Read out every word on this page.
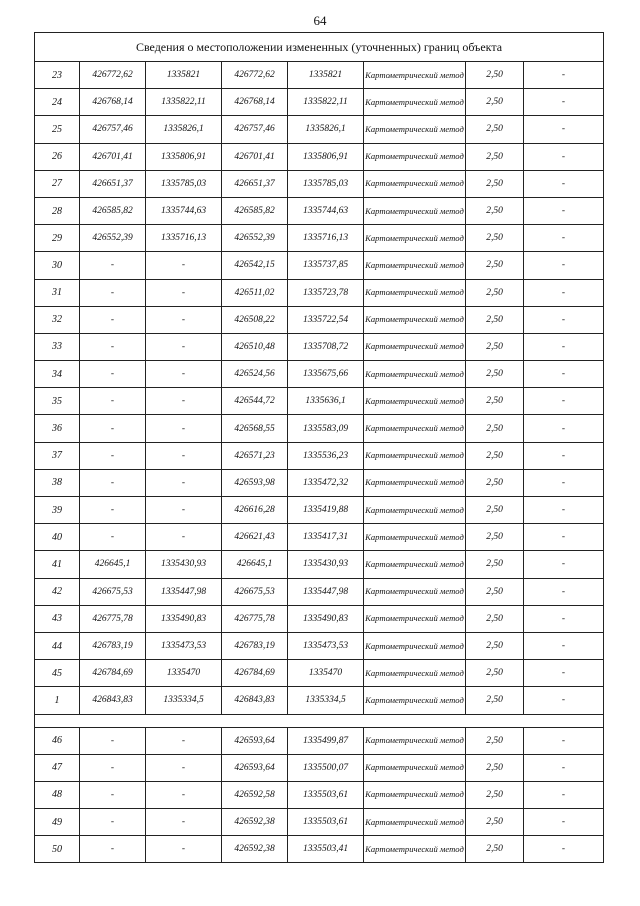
64
Сведения о местоположении измененных (уточненных) границ объекта							
23	426772,62	1335821	426772,62	1335821	Картометрический метод	2,50	-
24	426768,14	1335822,11	426768,14	1335822,11	Картометрический метод	2,50	-
25	426757,46	1335826,1	426757,46	1335826,1	Картометрический метод	2,50	-
26	426701,41	1335806,91	426701,41	1335806,91	Картометрический метод	2,50	-
27	426651,37	1335785,03	426651,37	1335785,03	Картометрический метод	2,50	-
28	426585,82	1335744,63	426585,82	1335744,63	Картометрический метод	2,50	-
29	426552,39	1335716,13	426552,39	1335716,13	Картометрический метод	2,50	-
30	-	-	426542,15	1335737,85	Картометрический метод	2,50	-
31	-	-	426511,02	1335723,78	Картометрический метод	2,50	-
32	-	-	426508,22	1335722,54	Картометрический метод	2,50	-
33	-	-	426510,48	1335708,72	Картометрический метод	2,50	-
34	-	-	426524,56	1335675,66	Картометрический метод	2,50	-
35	-	-	426544,72	1335636,1	Картометрический метод	2,50	-
36	-	-	426568,55	1335583,09	Картометрический метод	2,50	-
37	-	-	426571,23	1335536,23	Картометрический метод	2,50	-
38	-	-	426593,98	1335472,32	Картометрический метод	2,50	-
39	-	-	426616,28	1335419,88	Картометрический метод	2,50	-
40	-	-	426621,43	1335417,31	Картометрический метод	2,50	-
41	426645,1	1335430,93	426645,1	1335430,93	Картометрический метод	2,50	-
42	426675,53	1335447,98	426675,53	1335447,98	Картометрический метод	2,50	-
43	426775,78	1335490,83	426775,78	1335490,83	Картометрический метод	2,50	-
44	426783,19	1335473,53	426783,19	1335473,53	Картометрический метод	2,50	-
45	426784,69	1335470	426784,69	1335470	Картометрический метод	2,50	-
1	426843,83	1335334,5	426843,83	1335334,5	Картометрический метод	2,50	-

46	-	-	426593,64	1335499,87	Картометрический метод	2,50	-
47	-	-	426593,64	1335500,07	Картометрический метод	2,50	-
48	-	-	426592,58	1335503,61	Картометрический метод	2,50	-
49	-	-	426592,38	1335503,61	Картометрический метод	2,50	-
50	-	-	426592,38	1335503,41	Картометрический метод	2,50	-
